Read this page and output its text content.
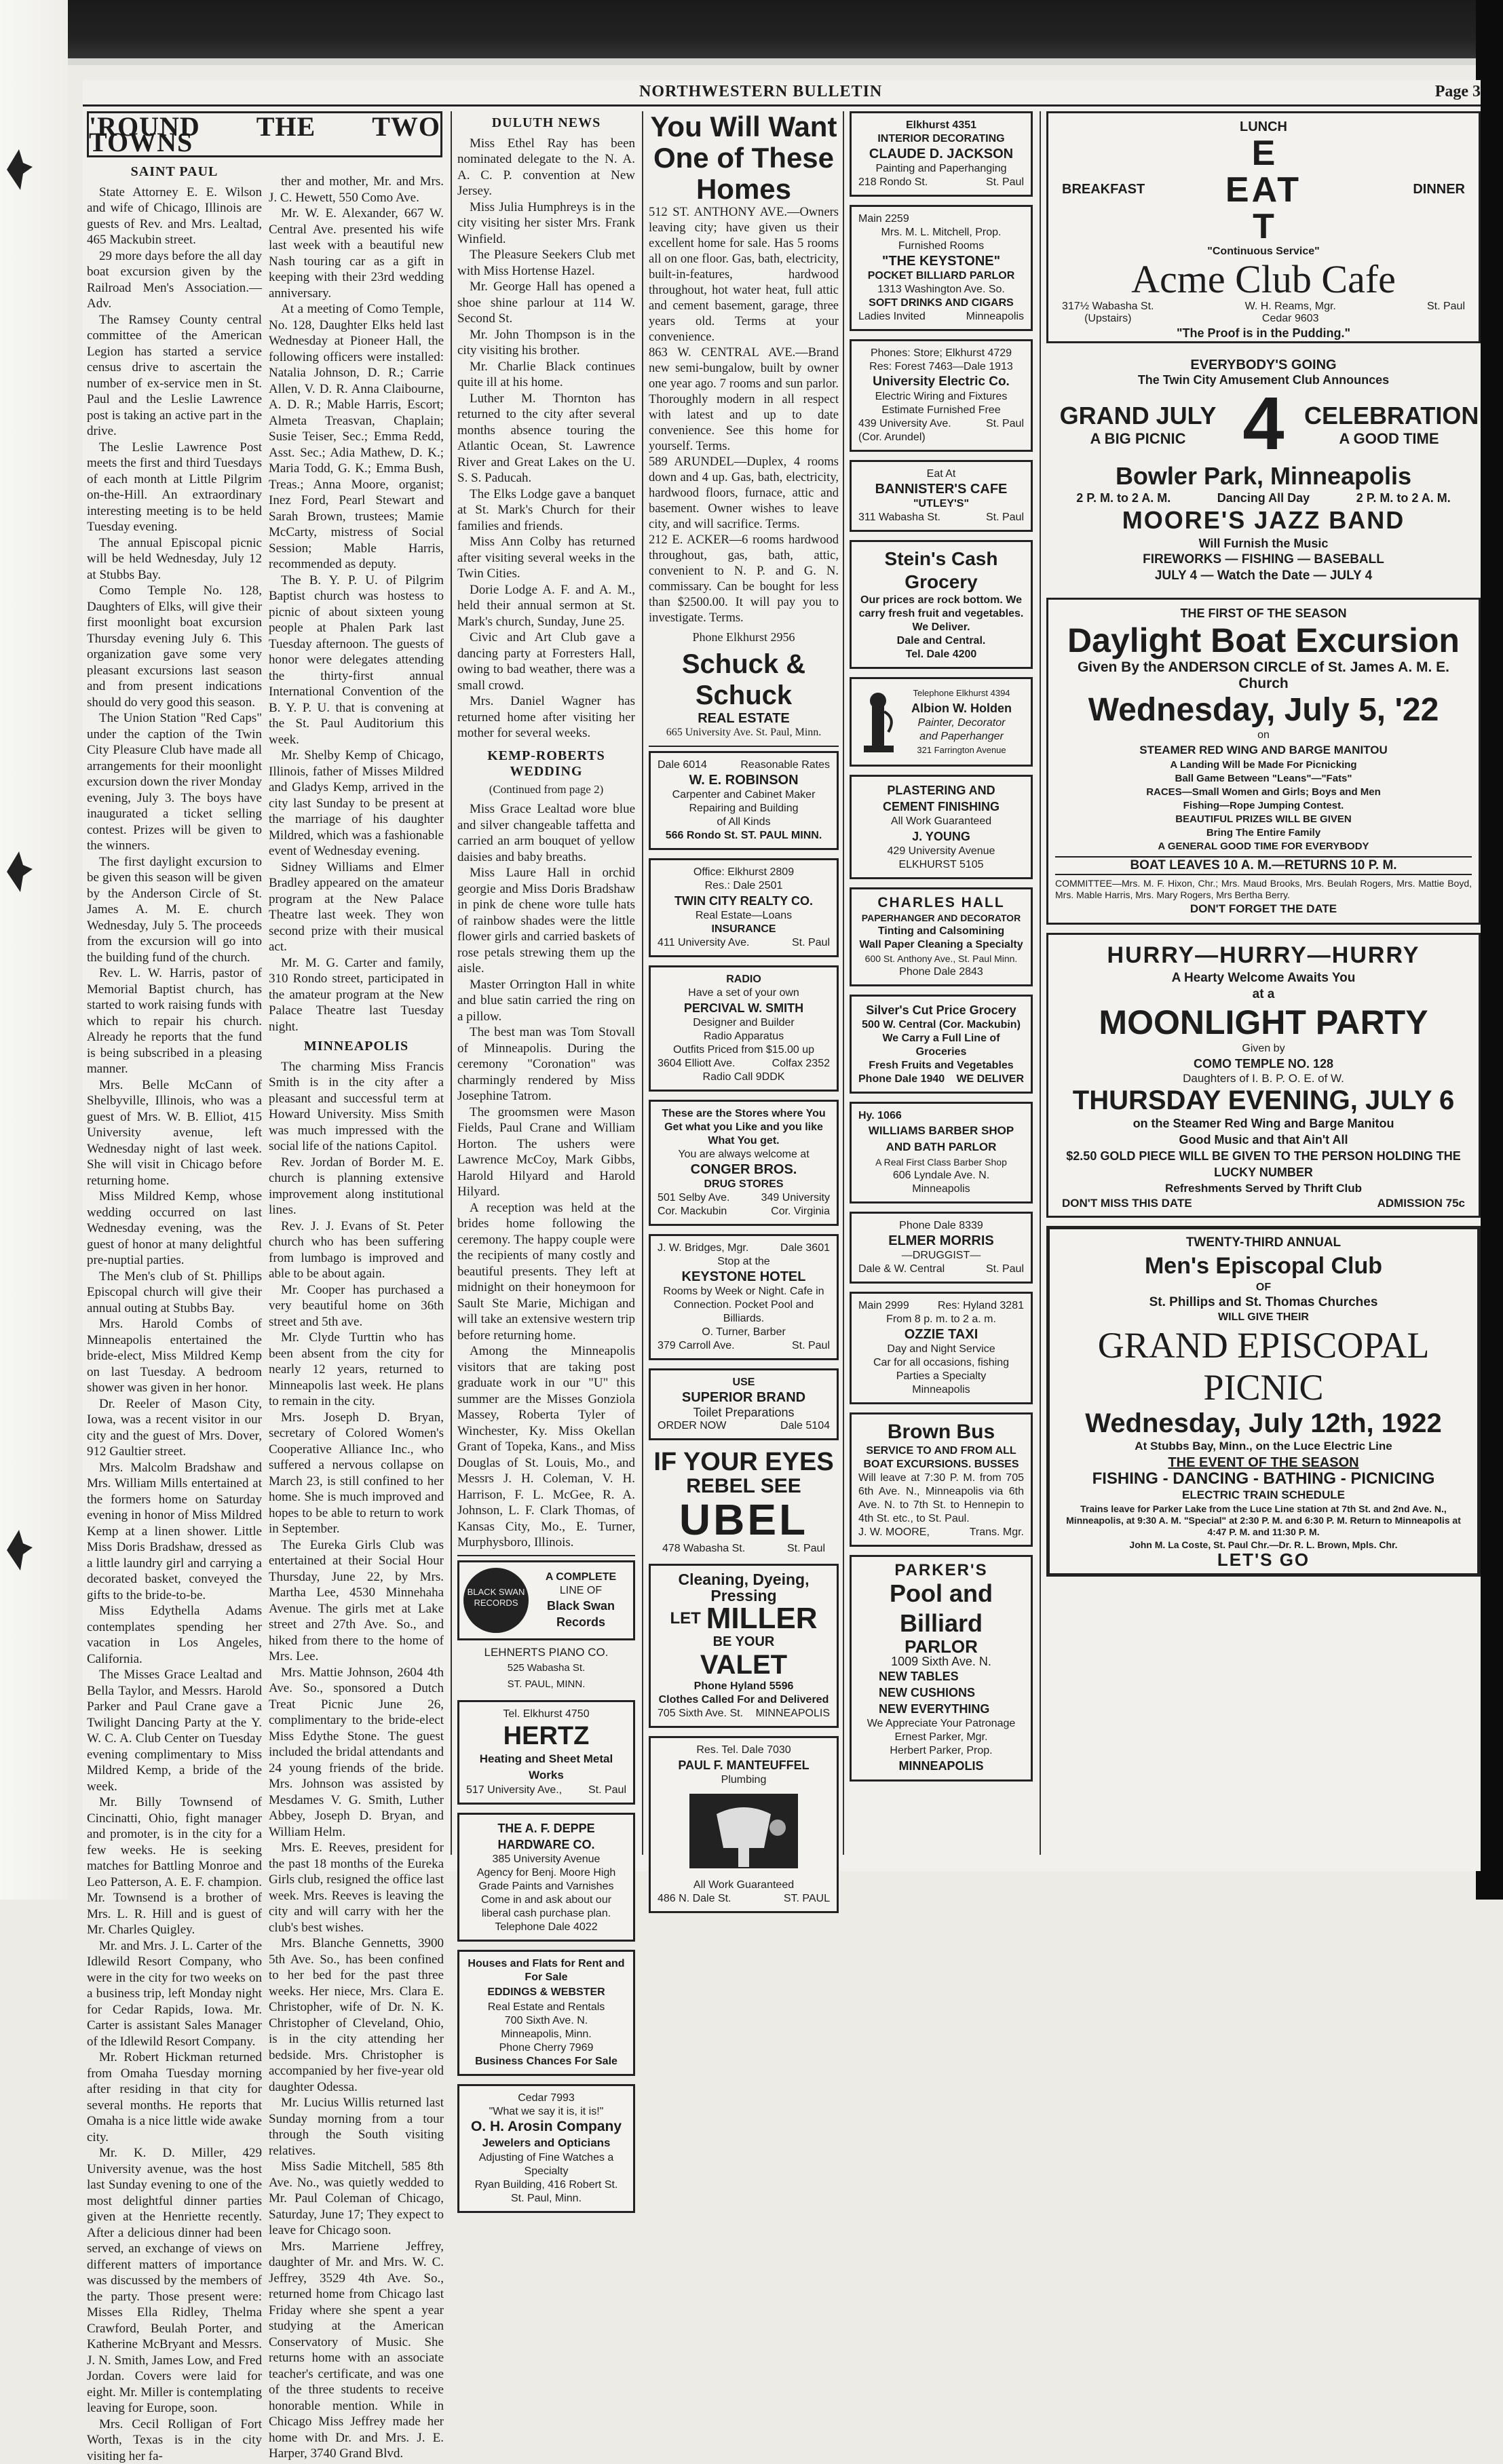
NORTHWESTERN BULLETIN	Page 3
'ROUND THE TWO TOWNS
SAINT PAUL

State Attorney E. E. Wilson and wife of Chicago, Illinois are guests of Rev. and Mrs. Lealtad, 465 Mackubin street.

29 more days before the all day boat excursion given by the Railroad Men's Association.—Adv.

The Ramsey County central committee of the American Legion has started a service census drive to ascertain the number of ex-service men in St. Paul and the Leslie Lawrence post is taking an active part in the drive.

The Leslie Lawrence Post meets the first and third Tuesdays of each month at Little Pilgrim on-the-Hill. An extraordinary interesting meeting is to be held Tuesday evening.

The annual Episcopal picnic will be held Wednesday, July 12 at Stubbs Bay.

Como Temple No. 128, Daughters of Elks, will give their first moonlight boat excursion Thursday evening July 6. This organization gave some very pleasant excursions last season and from present indications should do very good this season.

The Union Station "Red Caps" under the caption of the Twin City Pleasure Club have made all arrangements for their moonlight excursion down the river Monday evening, July 3. The boys have inaugurated a ticket selling contest. Prizes will be given to the winners.

The first daylight excursion to be given this season will be given by the Anderson Circle of St. James A. M. E. church Wednesday, July 5. The proceeds from the excursion will go into the building fund of the church.

Rev. L. W. Harris, pastor of Memorial Baptist church, has started to work raising funds with which to repair his church. Already he reports that the fund is being subscribed in a pleasing manner.

Mrs. Belle McCann of Shelbyville, Illinois, who was a guest of Mrs. W. B. Elliot, 415 University avenue, left Wednesday night of last week. She will visit in Chicago before returning home.

Miss Mildred Kemp, whose wedding occurred on last Wednesday evening, was the guest of honor at many delightful pre-nuptial parties.

The Men's club of St. Phillips Episcopal church will give their annual outing at Stubbs Bay.

Mrs. Harold Combs of Minneapolis entertained the bride-elect, Miss Mildred Kemp on last Tuesday. A bedroom shower was given in her honor.

Dr. Reeler of Mason City, Iowa, was a recent visitor in our city and the guest of Mrs. Dover, 912 Gaultier street.

Mrs. Malcolm Bradshaw and Mrs. William Mills entertained at the formers home on Saturday evening in honor of Miss Mildred Kemp at a linen shower. Little Miss Doris Bradshaw, dressed as a little laundry girl and carrying a decorated basket, conveyed the gifts to the bride-to-be.

Miss Edythella Adams contemplates spending her vacation in Los Angeles, California.

The Misses Grace Lealtad and Bella Taylor, and Messrs. Harold Parker and Paul Crane gave a Twilight Dancing Party at the Y. W. C. A. Club Center on Tuesday evening complimentary to Miss Mildred Kemp, a bride of the week.

Mr. Billy Townsend of Cincinatti, Ohio, fight manager and promoter, is in the city for a few weeks. He is seeking matches for Battling Monroe and Leo Patterson, A. E. F. champion. Mr. Townsend is a brother of Mrs. L. R. Hill and is guest of Mr. Charles Quigley.

Mr. and Mrs. J. L. Carter of the Idlewild Resort Company, who were in the city for two weeks on a business trip, left Monday night for Cedar Rapids, Iowa. Mr. Carter is assistant Sales Manager of the Idlewild Resort Company.

Mr. Robert Hickman returned from Omaha Tuesday morning after residing in that city for several months. He reports that Omaha is a nice little wide awake city.

Mr. K. D. Miller, 429 University avenue, was the host last Sunday evening to one of the most delightful dinner parties given at the Henriette recently. After a delicious dinner had been served, an exchange of views on different matters of importance was discussed by the members of the party. Those present were: Misses Ella Ridley, Thelma Crawford, Beulah Porter, and Katherine McBryant and Messrs. J. N. Smith, James Low, and Fred Jordan. Covers were laid for eight. Mr. Miller is contemplating leaving for Europe, soon.

Mrs. Cecil Rolligan of Fort Worth, Texas is in the city visiting her fa-

ther and mother, Mr. and Mrs. J. C. Hewett, 550 Como Ave.

Mr. W. E. Alexander, 667 W. Central Ave. presented his wife last week with a beautiful new Nash touring car as a gift in keeping with their 23rd wedding anniversary.

At a meeting of Como Temple, No. 128, Daughter Elks held last Wednesday at Pioneer Hall, the following officers were installed: Natalia Johnson, D. R.; Carrie Allen, V. D. R. Anna Claibourne, A. D. R.; Mable Harris, Escort; Almeta Treasvan, Chaplain; Susie Teiser, Sec.; Emma Redd, Asst. Sec.; Adia Mathew, D. K.; Maria Todd, G. K.; Emma Bush, Treas.; Anna Moore, organist; Inez Ford, Pearl Stewart and Sarah Brown, trustees; Mamie McCarty, mistress of Social Session; Mable Harris, recommended as deputy.

The B. Y. P. U. of Pilgrim Baptist church was hostess to picnic of about sixteen young people at Phalen Park last Tuesday afternoon. The guests of honor were delegates attending the thirty-first annual International Convention of the B. Y. P. U. that is convening at the St. Paul Auditorium this week.

Mr. Shelby Kemp of Chicago, Illinois, father of Misses Mildred and Gladys Kemp, arrived in the city last Sunday to be present at the marriage of his daughter Mildred, which was a fashionable event of Wednesday evening.

Sidney Williams and Elmer Bradley appeared on the amateur program at the New Palace Theatre last week. They won second prize with their musical act.

Mr. M. G. Carter and family, 310 Rondo street, participated in the amateur program at the New Palace Theatre last Tuesday night.

MINNEAPOLIS

The charming Miss Francis Smith is in the city after a pleasant and successful term at Howard University. Miss Smith was much impressed with the social life of the nations Capitol.

Rev. Jordan of Border M. E. church is planning extensive improvement along institutional lines.

Rev. J. J. Evans of St. Peter church who has been suffering from lumbago is improved and able to be about again.

Mr. Cooper has purchased a very beautiful home on 36th street and 5th ave.

Mr. Clyde Turttin who has been absent from the city for nearly 12 years, returned to Minneapolis last week. He plans to remain in the city.

Mrs. Joseph D. Bryan, secretary of Colored Women's Cooperative Alliance Inc., who suffered a nervous collapse on March 23, is still confined to her home. She is much improved and hopes to be able to return to work in September.

The Eureka Girls Club was entertained at their Social Hour Thursday, June 22, by Mrs. Martha Lee, 4530 Minnehaha Avenue. The girls met at Lake street and 27th Ave. So., and hiked from there to the home of Mrs. Lee.

Mrs. Mattie Johnson, 2604 4th Ave. So., sponsored a Dutch Treat Picnic June 26, complimentary to the bride-elect Miss Edythe Stone. The guest included the bridal attendants and 24 young friends of the bride. Mrs. Johnson was assisted by Mesdames V. G. Smith, Luther Abbey, Joseph D. Bryan, and William Helm.

Mrs. E. Reeves, president for the past 18 months of the Eureka Girls club, resigned the office last week. Mrs. Reeves is leaving the city and will carry with her the club's best wishes.

Mrs. Blanche Gennetts, 3900 5th Ave. So., has been confined to her bed for the past three weeks. Her niece, Mrs. Clara E. Christopher, wife of Dr. N. K. Christopher of Cleveland, Ohio, is in the city attending her bedside. Mrs. Christopher is accompanied by her five-year old daughter Odessa.

Mr. Lucius Willis returned last Sunday morning from a tour through the South visiting relatives.

Miss Sadie Mitchell, 585 8th Ave. No., was quietly wedded to Mr. Paul Coleman of Chicago, Saturday, June 17; They expect to leave for Chicago soon.

Mrs. Marriene Jeffrey, daughter of Mr. and Mrs. W. C. Jeffrey, 3529 4th Ave. So., returned home from Chicago last Friday where she spent a year studying at the American Conservatory of Music. She returns home with an associate teacher's certificate, and was one of the three students to receive honorable mention. While in Chicago Miss Jeffrey made her home with Dr. and Mrs. J. E. Harper, 3740 Grand Blvd.

DULUTH NEWS

Miss Ethel Ray has been nominated delegate to the N. A. A. C. P. convention at New Jersey.

Miss Julia Humphreys is in the city visiting her sister Mrs. Frank Winfield.

The Pleasure Seekers Club met with Miss Hortense Hazel.

Mr. George Hall has opened a shoe shine parlour at 114 W. Second St.

Mr. John Thompson is in the city visiting his brother.

Mr. Charlie Black continues quite ill at his home.

Luther M. Thornton has returned to the city after several months absence touring the Atlantic Ocean, St. Lawrence River and Great Lakes on the U. S. S. Paducah.

The Elks Lodge gave a banquet at St. Mark's Church for their families and friends.

Miss Ann Colby has returned after visiting several weeks in the Twin Cities.

Dorie Lodge A. F. and A. M., held their annual sermon at St. Mark's church, Sunday, June 25.

Civic and Art Club gave a dancing party at Forresters Hall, owing to bad weather, there was a small crowd.

Mrs. Daniel Wagner has returned home after visiting her mother for several weeks.

KEMP-ROBERTS WEDDING
(Continued from page 2)

Miss Grace Lealtad wore blue and silver changeable taffetta and carried an arm bouquet of yellow daisies and baby breaths.

Miss Laure Hall in orchid georgie and Miss Doris Bradshaw in pink de chene wore tulle hats of rainbow shades were the little flower girls and carried baskets of rose petals strewing them up the aisle.

Master Orrington Hall in white and blue satin carried the ring on a pillow.

The best man was Tom Stovall of Minneapolis. During the ceremony "Coronation" was charmingly rendered by Miss Josephine Tatrom.

The groomsmen were Mason Fields, Paul Crane and William Horton. The ushers were Lawrence McCoy, Mark Gibbs, Harold Hilyard and Harold Hilyard.

A reception was held at the brides home following the ceremony. The happy couple were the recipients of many costly and beautiful presents. They left at midnight on their honeymoon for Sault Ste Marie, Michigan and will take an extensive western trip before returning home.

Among the Minneapolis visitors that are taking post graduate work in our "U" this summer are the Misses Gonziola Massey, Roberta Tyler of Winchester, Ky. Miss Okellan Grant of Topeka, Kans., and Miss Douglas of St. Louis, Mo., and Messrs J. H. Coleman, V. H. Harrison, F. L. McGee, R. A. Johnson, L. F. Clark Thomas, of Kansas City, Mo., E. Turner, Murphysboro, Illinois.

BLACK SWAN RECORDS
A COMPLETE
LINE OF
Black Swan Records
LEHNERTS PIANO CO.
525 Wabasha St.
ST. PAUL, MINN.
Tel. Elkhurst 4750
HERTZ
Heating and Sheet Metal Works
517 University Ave., St. Paul
THE A. F. DEPPE HARDWARE CO.
385 University Avenue
Agency for Benj. Moore High Grade Paints and Varnishes
Come in and ask about our liberal cash purchase plan.
Telephone Dale 4022
Houses and Flats for Rent and For Sale
EDDINGS & WEBSTER
Real Estate and Rentals
700 Sixth Ave. N.
Minneapolis, Minn.
Phone Cherry 7969
Business Chances For Sale
Cedar 7993
"What we say it is, it is!"
O. H. Arosin Company
Jewelers and Opticians
Adjusting of Fine Watches a Specialty
Ryan Building, 416 Robert St.
St. Paul, Minn.
You Will Want One of These Homes

512 ST. ANTHONY AVE.—Owners leaving city; have given us their excellent home for sale. Has 5 rooms all on one floor. Gas, bath, electricity, built-in-features, hardwood throughout, hot water heat, full attic and cement basement, garage, three years old. Terms at your convenience.

863 W. CENTRAL AVE.—Brand new semi-bungalow, built by owner one year ago. 7 rooms and sun parlor. Thoroughly modern in all respect with latest and up to date convenience. See this home for yourself. Terms.

589 ARUNDEL—Duplex, 4 rooms down and 4 up. Gas, bath, electricity, hardwood floors, furnace, attic and basement. Owner wishes to leave city, and will sacrifice. Terms.

212 E. ACKER—6 rooms hardwood throughout, gas, bath, attic, convenient to N. P. and G. N. commissary. Can be bought for less than $2500.00. It will pay you to investigate. Terms.

Phone Elkhurst 2956
Schuck & Schuck
REAL ESTATE
665 University Ave. St. Paul, Minn.
Dale 6014	Reasonable Rates
W. E. ROBINSON
Carpenter and Cabinet Maker
Repairing and Building
of All Kinds
566 Rondo St. ST. PAUL MINN.
Office: Elkhurst 2809
Res.: Dale 2501
TWIN CITY REALTY CO.
Real Estate—Loans
INSURANCE
411 University Ave.	St. Paul
RADIO
Have a set of your own
PERCIVAL W. SMITH
Designer and Builder
Radio Apparatus
Outfits Priced from $15.00 up
3604 Elliott Ave.	Colfax 2352
Radio Call 9DDK
These are the Stores where You Get what you Like and you like What You get.
You are always welcome at
CONGER BROS.
DRUG STORES
501 Selby Ave.	349 University
Cor. Mackubin	Cor. Virginia
J. W. Bridges, Mgr.	Dale 3601
Stop at the
KEYSTONE HOTEL
Rooms by Week or Night. Cafe in Connection. Pocket Pool and Billiards.
O. Turner, Barber
379 Carroll Ave.	St. Paul
USE
SUPERIOR BRAND
Toilet Preparations
ORDER NOW	Dale 5104
IF YOUR EYES
REBEL SEE
UBEL
478 Wabasha St.	St. Paul
Cleaning, Dyeing, Pressing
LET MILLER
BE YOUR
VALET
Phone Hyland 5596
Clothes Called For and Delivered
705 Sixth Ave. St. MINNEAPOLIS
Res. Tel. Dale 7030
PAUL F. MANTEUFFEL
Plumbing
All Work Guaranteed
486 N. Dale St.	ST. PAUL
Elkhurst 4351
INTERIOR DECORATING
CLAUDE D. JACKSON
Painting and Paperhanging
218 Rondo St.	St. Paul
Main 2259
Mrs. M. L. Mitchell, Prop.
Furnished Rooms
"THE KEYSTONE"
POCKET BILLIARD PARLOR
1313 Washington Ave. So.
SOFT DRINKS AND CIGARS
Ladies Invited	Minneapolis
Phones: Store; Elkhurst 4729
Res: Forest 7463—Dale 1913
University Electric Co.
Electric Wiring and Fixtures
Estimate Furnished Free
439 University Ave.	St. Paul
(Cor. Arundel)
Eat At
BANNISTER'S CAFE
"UTLEY'S"
311 Wabasha St.	St. Paul
Stein's Cash Grocery
Our prices are rock bottom. We carry fresh fruit and vegetables. We Deliver.
Dale and Central.
Tel. Dale 4200
Telephone Elkhurst 4394
Albion W. Holden
Painter, Decorator
and Paperhanger
321 Farrington Avenue
PLASTERING AND
CEMENT FINISHING
All Work Guaranteed
J. YOUNG
429 University Avenue
ELKHURST 5105
CHARLES HALL
PAPERHANGER AND DECORATOR
Tinting and Calsomining
Wall Paper Cleaning a Specialty
600 St. Anthony Ave., St. Paul Minn.
Phone Dale 2843
Silver's Cut Price Grocery
500 W. Central (Cor. Mackubin)
We Carry a Full Line of Groceries
Fresh Fruits and Vegetables
Phone Dale 1940 WE DELIVER
Hy. 1066
WILLIAMS BARBER SHOP AND BATH PARLOR
A Real First Class Barber Shop
606 Lyndale Ave. N.
Minneapolis
Phone Dale 8339
ELMER MORRIS
—DRUGGIST—
Dale & W. Central	St. Paul
Main 2999	Res: Hyland 3281
From 8 p. m. to 2 a. m.
OZZIE TAXI
Day and Night Service
Car for all occasions, fishing Parties a Specialty
Minneapolis
Brown Bus
SERVICE TO AND FROM ALL
BOAT EXCURSIONS. BUSSES
Will leave at 7:30 P. M. from 705 6th Ave. N., Minneapolis via 6th Ave. N. to 7th St. to Hennepin to 4th St. etc., to St. Paul.
J. W. MOORE,	Trans. Mgr.
PARKER'S
Pool and Billiard
PARLOR
1009 Sixth Ave. N.
NEW TABLES
NEW CUSHIONS
NEW EVERYTHING
We Appreciate Your Patronage
Ernest Parker, Mgr.
Herbert Parker, Prop.
MINNEAPOLIS
LUNCH
BREAKFAST	DINNER
E
EAT
T
"Continuous Service"
Acme Club Cafe
317½ Wabasha St.
(Upstairs)
W. H. Reams, Mgr.
Cedar 9603
St. Paul
"The Proof is in the Pudding."
EVERYBODY'S GOING
The Twin City Amusement Club Announces
GRAND JULY
A BIG PICNIC 4 CELEBRATION
A GOOD TIME
Bowler Park, Minneapolis
2 P. M. to 2 A. M.	Dancing All Day	2 P. M. to 2 A. M.
MOORE'S JAZZ BAND
Will Furnish the Music
FIREWORKS — FISHING — BASEBALL
JULY 4 — Watch the Date — JULY 4
THE FIRST OF THE SEASON
Daylight Boat Excursion
Given By the ANDERSON CIRCLE of St. James A. M. E. Church
Wednesday, July 5, '22
on
STEAMER RED WING AND BARGE MANITOU
A Landing Will be Made For Picnicking
Ball Game Between "Leans"—"Fats"
RACES—Small Women and Girls; Boys and Men
Fishing—Rope Jumping Contest.
BEAUTIFUL PRIZES WILL BE GIVEN
Bring The Entire Family
A GENERAL GOOD TIME FOR EVERYBODY
BOAT LEAVES 10 A. M.—RETURNS 10 P. M.
COMMITTEE—Mrs. M. F. Hixon, Chr.; Mrs. Maud Brooks, Mrs. Beulah Rogers, Mrs. Mattie Boyd, Mrs. Mable Harris, Mrs. Mary Rogers, Mrs Bertha Berry.
DON'T FORGET THE DATE
HURRY—HURRY—HURRY
A Hearty Welcome Awaits You
at a
MOONLIGHT PARTY
Given by
COMO TEMPLE NO. 128
Daughters of I. B. P. O. E. of W.
THURSDAY EVENING, JULY 6
on the Steamer Red Wing and Barge Manitou
Good Music and that Ain't All
$2.50 GOLD PIECE WILL BE GIVEN TO THE PERSON HOLDING THE LUCKY NUMBER
Refreshments Served by Thrift Club
DON'T MISS THIS DATE	ADMISSION 75c
TWENTY-THIRD ANNUAL
Men's Episcopal Club
OF
St. Phillips and St. Thomas Churches
WILL GIVE THEIR
GRAND EPISCOPAL PICNIC
Wednesday, July 12th, 1922
At Stubbs Bay, Minn., on the Luce Electric Line
THE EVENT OF THE SEASON
FISHING - DANCING - BATHING - PICNICING
ELECTRIC TRAIN SCHEDULE
Trains leave for Parker Lake from the Luce Line station at 7th St. and 2nd Ave. N., Minneapolis, at 9:30 A. M. "Special" at 2:30 P. M. and 6:30 P. M. Return to Minneapolis at 4:47 P. M. and 11:30 P. M.
John M. La Coste, St. Paul Chr.—Dr. R. L. Brown, Mpls. Chr.
LET'S GO
